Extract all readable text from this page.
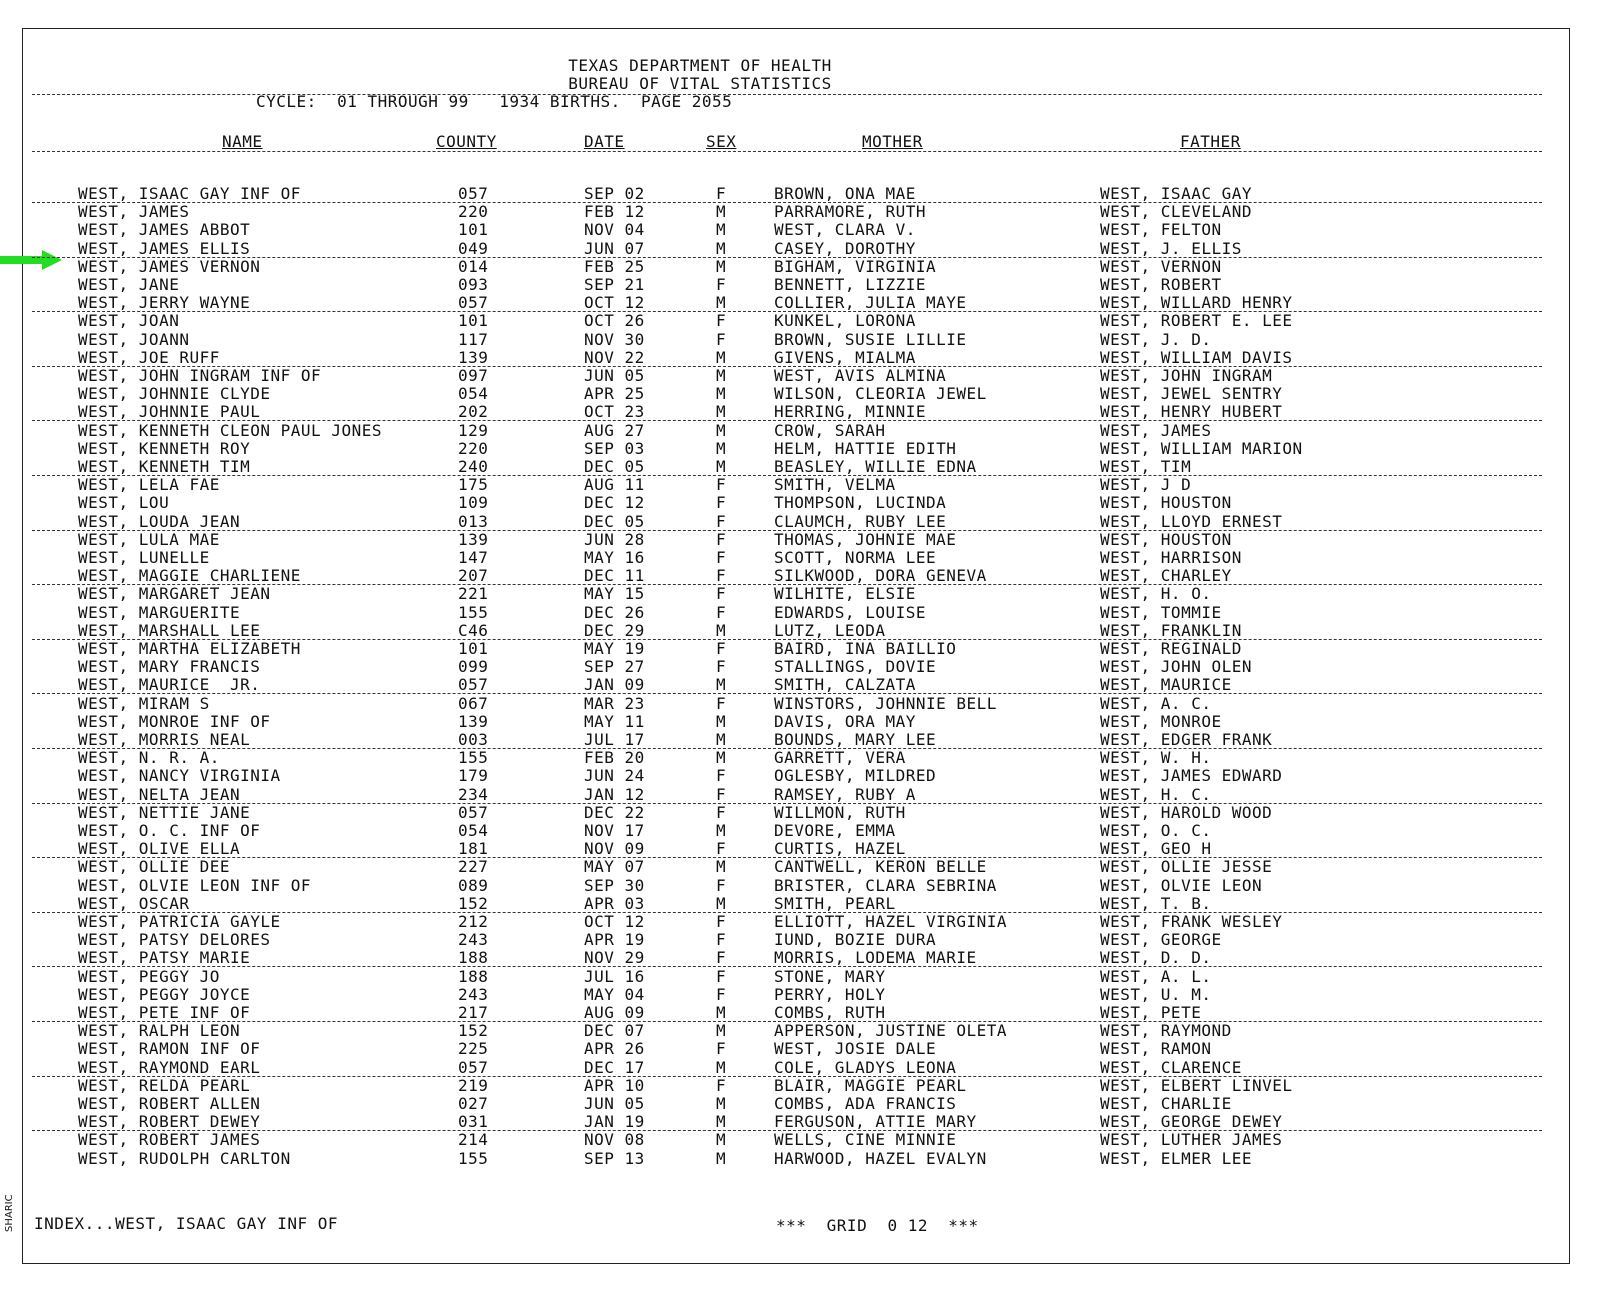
TEXAS DEPARTMENT OF HEALTH
BUREAU OF VITAL STATISTICS
CYCLE:  01 THROUGH 99   1934 BIRTHS.  PAGE 2055
NAME	COUNTY	DATE	SEX	MOTHER	FATHER
WEST, ISAAC GAY INF OF	057	SEP 02	F	BROWN, ONA MAE	WEST, ISAAC GAY
WEST, JAMES	220	FEB 12	M	PARRAMORE, RUTH	WEST, CLEVELAND
WEST, JAMES ABBOT	101	NOV 04	M	WEST, CLARA V.	WEST, FELTON
WEST, JAMES ELLIS	049	JUN 07	M	CASEY, DOROTHY	WEST, J. ELLIS
WEST, JAMES VERNON	014	FEB 25	M	BIGHAM, VIRGINIA	WEST, VERNON
WEST, JANE	093	SEP 21	F	BENNETT, LIZZIE	WEST, ROBERT
WEST, JERRY WAYNE	057	OCT 12	M	COLLIER, JULIA MAYE	WEST, WILLARD HENRY
WEST, JOAN	101	OCT 26	F	KUNKEL, LORONA	WEST, ROBERT E. LEE
WEST, JOANN	117	NOV 30	F	BROWN, SUSIE LILLIE	WEST, J. D.
WEST, JOE RUFF	139	NOV 22	M	GIVENS, MIALMA	WEST, WILLIAM DAVIS
WEST, JOHN INGRAM INF OF	097	JUN 05	M	WEST, AVIS ALMINA	WEST, JOHN INGRAM
WEST, JOHNNIE CLYDE	054	APR 25	M	WILSON, CLEORIA JEWEL	WEST, JEWEL SENTRY
WEST, JOHNNIE PAUL	202	OCT 23	M	HERRING, MINNIE	WEST, HENRY HUBERT
WEST, KENNETH CLEON PAUL JONES	129	AUG 27	M	CROW, SARAH	WEST, JAMES
WEST, KENNETH ROY	220	SEP 03	M	HELM, HATTIE EDITH	WEST, WILLIAM MARION
WEST, KENNETH TIM	240	DEC 05	M	BEASLEY, WILLIE EDNA	WEST, TIM
WEST, LELA FAE	175	AUG 11	F	SMITH, VELMA	WEST, J D
WEST, LOU	109	DEC 12	F	THOMPSON, LUCINDA	WEST, HOUSTON
WEST, LOUDA JEAN	013	DEC 05	F	CLAUMCH, RUBY LEE	WEST, LLOYD ERNEST
WEST, LULA MAE	139	JUN 28	F	THOMAS, JOHNIE MAE	WEST, HOUSTON
WEST, LUNELLE	147	MAY 16	F	SCOTT, NORMA LEE	WEST, HARRISON
WEST, MAGGIE CHARLIENE	207	DEC 11	F	SILKWOOD, DORA GENEVA	WEST, CHARLEY
WEST, MARGARET JEAN	221	MAY 15	F	WILHITE, ELSIE	WEST, H. O.
WEST, MARGUERITE	155	DEC 26	F	EDWARDS, LOUISE	WEST, TOMMIE
WEST, MARSHALL LEE	C46	DEC 29	M	LUTZ, LEODA	WEST, FRANKLIN
WEST, MARTHA ELIZABETH	101	MAY 19	F	BAIRD, INA BAILLIO	WEST, REGINALD
WEST, MARY FRANCIS	099	SEP 27	F	STALLINGS, DOVIE	WEST, JOHN OLEN
WEST, MAURICE  JR.	057	JAN 09	M	SMITH, CALZATA	WEST, MAURICE
WEST, MIRAM S	067	MAR 23	F	WINSTORS, JOHNNIE BELL	WEST, A. C.
WEST, MONROE INF OF	139	MAY 11	M	DAVIS, ORA MAY	WEST, MONROE
WEST, MORRIS NEAL	003	JUL 17	M	BOUNDS, MARY LEE	WEST, EDGER FRANK
WEST, N. R. A.	155	FEB 20	M	GARRETT, VERA	WEST, W. H.
WEST, NANCY VIRGINIA	179	JUN 24	F	OGLESBY, MILDRED	WEST, JAMES EDWARD
WEST, NELTA JEAN	234	JAN 12	F	RAMSEY, RUBY A	WEST, H. C.
WEST, NETTIE JANE	057	DEC 22	F	WILLMON, RUTH	WEST, HAROLD WOOD
WEST, O. C. INF OF	054	NOV 17	M	DEVORE, EMMA	WEST, O. C.
WEST, OLIVE ELLA	181	NOV 09	F	CURTIS, HAZEL	WEST, GEO H
WEST, OLLIE DEE	227	MAY 07	M	CANTWELL, KERON BELLE	WEST, OLLIE JESSE
WEST, OLVIE LEON INF OF	089	SEP 30	F	BRISTER, CLARA SEBRINA	WEST, OLVIE LEON
WEST, OSCAR	152	APR 03	M	SMITH, PEARL	WEST, T. B.
WEST, PATRICIA GAYLE	212	OCT 12	F	ELLIOTT, HAZEL VIRGINIA	WEST, FRANK WESLEY
WEST, PATSY DELORES	243	APR 19	F	IUND, BOZIE DURA	WEST, GEORGE
WEST, PATSY MARIE	188	NOV 29	F	MORRIS, LODEMA MARIE	WEST, D. D.
WEST, PEGGY JO	188	JUL 16	F	STONE, MARY	WEST, A. L.
WEST, PEGGY JOYCE	243	MAY 04	F	PERRY, HOLY	WEST, U. M.
WEST, PETE INF OF	217	AUG 09	M	COMBS, RUTH	WEST, PETE
WEST, RALPH LEON	152	DEC 07	M	APPERSON, JUSTINE OLETA	WEST, RAYMOND
WEST, RAMON INF OF	225	APR 26	F	WEST, JOSIE DALE	WEST, RAMON
WEST, RAYMOND EARL	057	DEC 17	M	COLE, GLADYS LEONA	WEST, CLARENCE
WEST, RELDA PEARL	219	APR 10	F	BLAIR, MAGGIE PEARL	WEST, ELBERT LINVEL
WEST, ROBERT ALLEN	027	JUN 05	M	COMBS, ADA FRANCIS	WEST, CHARLIE
WEST, ROBERT DEWEY	031	JAN 19	M	FERGUSON, ATTIE MARY	WEST, GEORGE DEWEY
WEST, ROBERT JAMES	214	NOV 08	M	WELLS, CINE MINNIE	WEST, LUTHER JAMES
WEST, RUDOLPH CARLTON	155	SEP 13	M	HARWOOD, HAZEL EVALYN	WEST, ELMER LEE
INDEX...WEST, ISAAC GAY INF OF	***  GRID  0 12  ***
SHARIC
